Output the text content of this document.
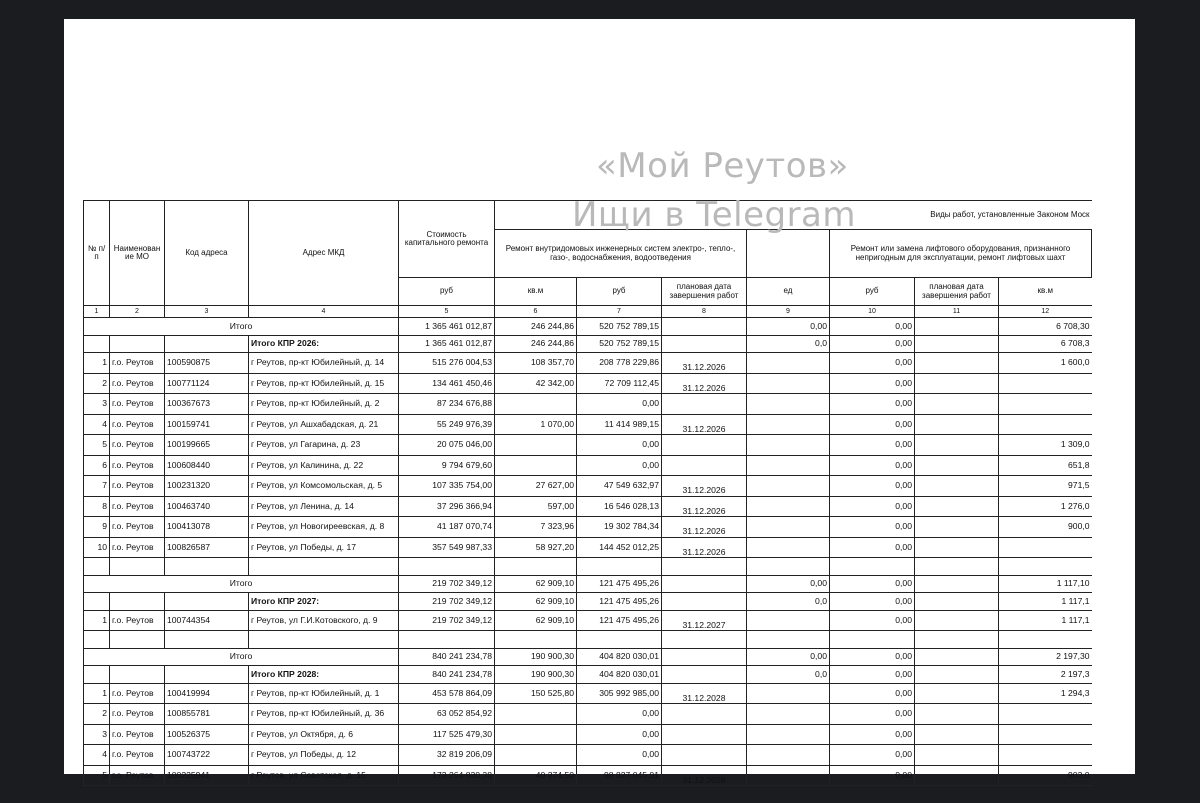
№ п/п	Наименован ие МО	Код адреса	Адрес МКД	Стоимость капитального ремонта	Виды работ, установленные Законом Моск							
					Ремонт внутридомовых инженерных систем электро-, тепло-, газо-, водоснабжения, водоотведения				Ремонт или замена лифтового оборудования, признанного непригодным для эксплуатации, ремонт лифтовых шахт			
				руб	кв.м	руб	плановая дата завершения работ	ед	руб	плановая дата завершения работ	кв.м	
1	2	3	4	5	6	7	8	9	10	11	12	
Итого				1 365 461 012,87	246 244,86	520 752 789,15		0,00	0,00		6 708,30	
			Итого КПР 2026:	1 365 461 012,87	246 244,86	520 752 789,15		0,0	0,00		6 708,3	
1	г.о. Реутов	100590875	г Реутов, пр-кт Юбилейный, д. 14	515 276 004,53	108 357,70	208 778 229,86	31.12.2026		0,00		1 600,0	
2	г.о. Реутов	100771124	г Реутов, пр-кт Юбилейный, д. 15	134 461 450,46	42 342,00	72 709 112,45	31.12.2026		0,00			
3	г.о. Реутов	100367673	г Реутов, пр-кт Юбилейный, д. 2	87 234 676,88		0,00			0,00			
4	г.о. Реутов	100159741	г Реутов, ул Ашхабадская, д. 21	55 249 976,39	1 070,00	11 414 989,15	31.12.2026		0,00			
5	г.о. Реутов	100199665	г Реутов, ул Гагарина, д. 23	20 075 046,00		0,00			0,00		1 309,0	
6	г.о. Реутов	100608440	г Реутов, ул Калинина, д. 22	9 794 679,60		0,00			0,00		651,8	
7	г.о. Реутов	100231320	г Реутов, ул Комсомольская, д. 5	107 335 754,00	27 627,00	47 549 632,97	31.12.2026		0,00		971,5	
8	г.о. Реутов	100463740	г Реутов, ул Ленина, д. 14	37 296 366,94	597,00	16 546 028,13	31.12.2026		0,00		1 276,0	
9	г.о. Реутов	100413078	г Реутов, ул Новогиреевская, д. 8	41 187 070,74	7 323,96	19 302 784,34	31.12.2026		0,00		900,0	
10	г.о. Реутов	100826587	г Реутов, ул Победы, д. 17	357 549 987,33	58 927,20	144 452 012,25	31.12.2026		0,00			

Итого				219 702 349,12	62 909,10	121 475 495,26		0,00	0,00		1 117,10	
			Итого КПР 2027:	219 702 349,12	62 909,10	121 475 495,26		0,0	0,00		1 117,1	
1	г.о. Реутов	100744354	г Реутов, ул Г.И.Котовского, д. 9	219 702 349,12	62 909,10	121 475 495,26	31.12.2027		0,00		1 117,1	

Итого				840 241 234,78	190 900,30	404 820 030,01		0,00	0,00		2 197,30	
			Итого КПР 2028:	840 241 234,78	190 900,30	404 820 030,01		0,0	0,00		2 197,3	
1	г.о. Реутов	100419994	г Реутов, пр-кт Юбилейный, д. 1	453 578 864,09	150 525,80	305 992 985,00	31.12.2028		0,00		1 294,3	
2	г.о. Реутов	100855781	г Реутов, пр-кт Юбилейный, д. 36	63 052 854,92		0,00			0,00			
3	г.о. Реутов	100526375	г Реутов, ул Октября, д. 6	117 525 479,30		0,00			0,00			
4	г.о. Реутов	100743722	г Реутов, ул Победы, д. 12	32 819 206,09		0,00			0,00			
5	г.о. Реутов	100225941	г Реутов, ул Советская, д. 15	173 264 830,38	40 374,50	98 827 045,01	31.12.2028		0,00		903,0	
«Мой Реутов»
Ищи в Telegram
